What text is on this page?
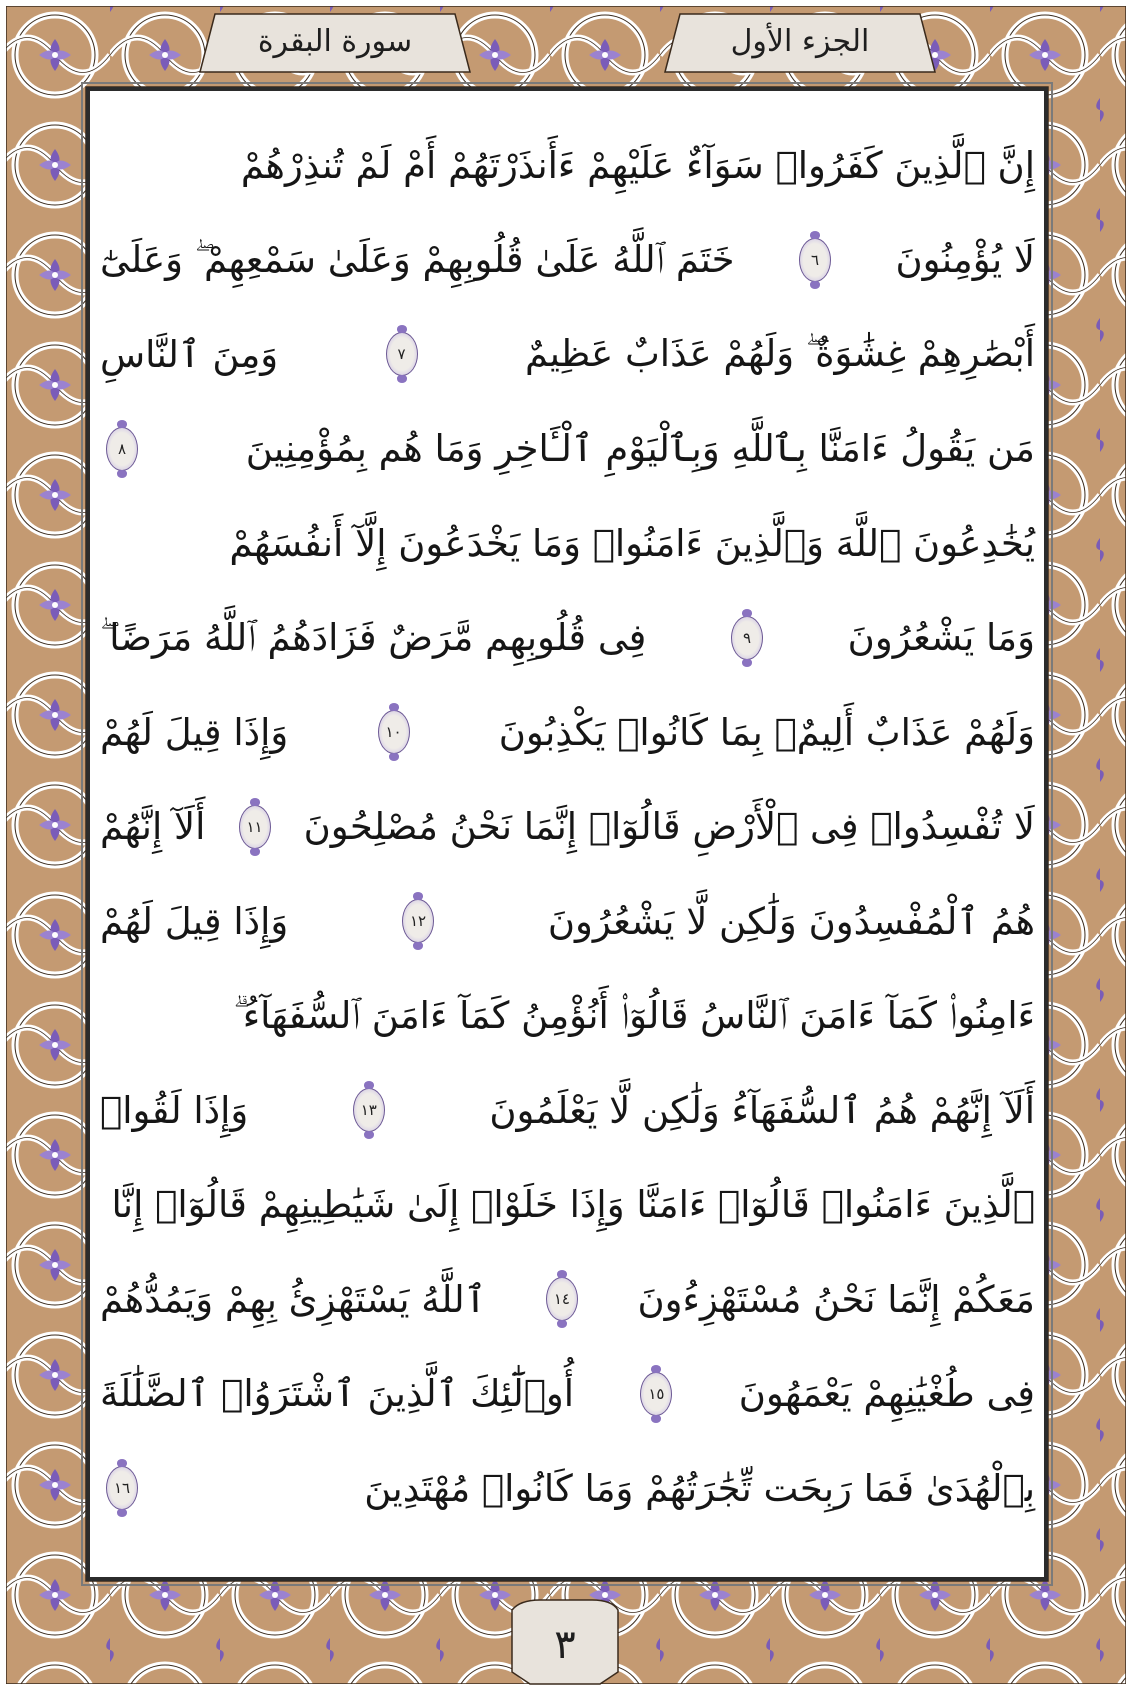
الجزء الأول
سورة البقرة
٣
إِنَّ ٱلَّذِينَ كَفَرُوا۟ سَوَآءٌ عَلَيْهِمْ ءَأَنذَرْتَهُمْ أَمْ لَمْ تُنذِرْهُمْ
لَا يُؤْمِنُونَ
٦
خَتَمَ ٱللَّهُ عَلَىٰ قُلُوبِهِمْ وَعَلَىٰ سَمْعِهِمْ ۖ وَعَلَىٰٓ
أَبْصَٰرِهِمْ غِشَٰوَةٌ ۖ وَلَهُمْ عَذَابٌ عَظِيمٌ
٧
وَمِنَ ٱلنَّاسِ
مَن يَقُولُ ءَامَنَّا بِٱللَّهِ وَبِٱلْيَوْمِ ٱلْـَٔاخِرِ وَمَا هُم بِمُؤْمِنِينَ
٨
يُخَٰدِعُونَ ٱللَّهَ وَٱلَّذِينَ ءَامَنُوا۟ وَمَا يَخْدَعُونَ إِلَّآ أَنفُسَهُمْ
وَمَا يَشْعُرُونَ
٩
فِى قُلُوبِهِم مَّرَضٌ فَزَادَهُمُ ٱللَّهُ مَرَضًا ۖ
وَلَهُمْ عَذَابٌ أَلِيمٌۢ بِمَا كَانُوا۟ يَكْذِبُونَ
١٠
وَإِذَا قِيلَ لَهُمْ
لَا تُفْسِدُوا۟ فِى ٱلْأَرْضِ قَالُوٓا۟ إِنَّمَا نَحْنُ مُصْلِحُونَ
١١
أَلَآ إِنَّهُمْ
هُمُ ٱلْمُفْسِدُونَ وَلَٰكِن لَّا يَشْعُرُونَ
١٢
وَإِذَا قِيلَ لَهُمْ
ءَامِنُوا۟ كَمَآ ءَامَنَ ٱلنَّاسُ قَالُوٓا۟ أَنُؤْمِنُ كَمَآ ءَامَنَ ٱلسُّفَهَآءُ ۗ
أَلَآ إِنَّهُمْ هُمُ ٱلسُّفَهَآءُ وَلَٰكِن لَّا يَعْلَمُونَ
١٣
وَإِذَا لَقُوا۟
ٱلَّذِينَ ءَامَنُوا۟ قَالُوٓا۟ ءَامَنَّا وَإِذَا خَلَوْا۟ إِلَىٰ شَيَٰطِينِهِمْ قَالُوٓا۟ إِنَّا
مَعَكُمْ إِنَّمَا نَحْنُ مُسْتَهْزِءُونَ
١٤
ٱللَّهُ يَسْتَهْزِئُ بِهِمْ وَيَمُدُّهُمْ
فِى طُغْيَٰنِهِمْ يَعْمَهُونَ
١٥
أُو۟لَٰٓئِكَ ٱلَّذِينَ ٱشْتَرَوُا۟ ٱلضَّلَٰلَةَ
بِٱلْهُدَىٰ فَمَا رَبِحَت تِّجَٰرَتُهُمْ وَمَا كَانُوا۟ مُهْتَدِينَ
١٦
